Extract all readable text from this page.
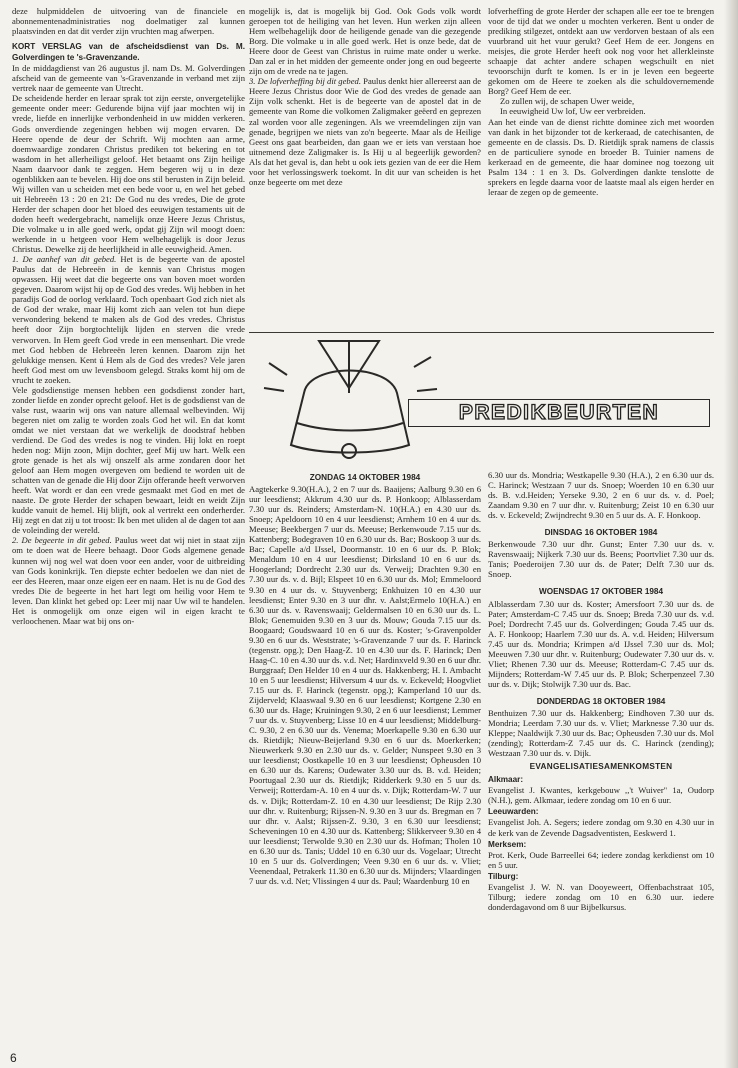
deze hulpmiddelen de uitvoering van de financiele en abonnementenadministraties nog doelmatiger zal kunnen plaatsvinden en dat dit verder zijn vruchten mag afwerpen.

KORT VERSLAG van de afscheidsdienst van Ds. M. Golverdingen te 's-Gravenzande.

In de middagdienst van 26 augustus jl. nam Ds. M. Golverdingen afscheid van de gemeente van 's-Gravenzande in verband met zijn vertrek naar de gemeente van Utrecht.

De scheidende herder en leraar sprak tot zijn eerste, onvergetelijke gemeente onder meer: Gedurende bijna vijf jaar mochten wij in vrede, liefde en innerlijke verbondenheid in uw midden verkeren. Gods onverdiende zegeningen hebben wij mogen ervaren. De Heere opende de deur der Schrift. Wij mochten aan arme, doemwaardige zondaren Christus prediken tot bekering en tot wasdom in het allerheiligst geloof. Het betaamt ons Zijn heilige Naam daarvoor dank te zeggen. Hem begeren wij u in deze ogenblikken aan te bevelen. Hij doe ons stil berusten in Zijn beleid. Wij willen van u scheiden met een bede voor u, en wel het gebed uit Hebreeën 13 : 20 en 21: De God nu des vredes, Die de grote Herder der schapen door het bloed des eeuwigen testaments uit de doden heeft wedergebracht, namelijk onze Heere Jezus Christus, Die volmake u in alle goed werk, opdat gij Zijn wil moogt doen: werkende in u hetgeen voor Hem welbehagelijk is door Jezus Christus. Dewelke zij de heerlijkheid in alle eeuwigheid. Amen.

1. De aanhef van dit gebed. Het is de begeerte van de apostel Paulus dat de Hebreeën in de kennis van Christus mogen opwassen. Hij weet dat die begeerte ons van boven moet worden gegeven. Daarom wijst hij op de God des vredes. Wij hebben in het paradijs God de oorlog verklaard. Toch openbaart God zich niet als de God der wrake, maar Hij komt zich aan velen tot hun diepe verwondering bekend te maken als de God des vredes. Christus heeft door Zijn borgtochtelijk lijden en sterven die vrede verworven. In Hem geeft God vrede in een mensenhart. Die vrede met God hebben de Hebreeën leren kennen. Daarom zijn het gelukkige mensen. Kent ú Hem als de God des vredes? Vele jaren heeft God mest om uw levensboom gelegd. Straks komt hij om de vrucht te zoeken.

Vele godsdienstige mensen hebben een godsdienst zonder hart, zonder liefde en zonder oprecht geloof. Het is de godsdienst van de valse rust, waarin wij ons van nature allemaal welbevinden. Wij begeren niet om zalig te worden zoals God het wil. En dat komt omdat we niet verstaan dat we werkelijk de doodstraf hebben verdiend. De God des vredes is nog te vinden. Hij lokt en roept heden nog: Mijn zoon, Mijn dochter, geef Mij uw hart. Welk een grote genade is het als wij onszelf als arme zondaren door het geloof aan Hem mogen overgeven om bediend te worden uit de schatten van de genade die Hij door Zijn offerande heeft verworven heeft. Wat wordt er dan een vrede gesmaakt met God en met de naaste. De grote Herder der schapen bewaart, leidt en weidt Zijn kudde vanuit de hemel. Hij blijft, ook al vertrekt een onderherder. Hij zegt en dat zij u tot troost: Ik ben met uliden al de dagen tot aan de voleinding der wereld.

2. De begeerte in dit gebed. Paulus weet dat wij niet in staat zijn om te doen wat de Heere behaagt. Door Gods algemene genade kunnen wij nog wel wat doen voor een ander, voor de uitbreiding van Gods koninkrijk. Ten diepste echter bedoelen we dan niet de eer des Heeren, maar onze eigen eer en naam. Het is nu de God des vredes Die de begeerte in het hart legt om heilig voor Hem te leven. Dan klinkt het gebed op: Leer mij naar Uw wil te handelen. Het is onmogelijk om onze eigen wil in eigen kracht te verloochenen. Maar wat bij ons on-

mogelijk is, dat is mogelijk bij God. Ook Gods volk wordt geroepen tot de heiliging van het leven. Hun werken zijn alleen Hem welbehagelijk door de heiligende genade van die gezegende Borg. Die volmake u in alle goed werk. Het is onze bede, dat de Heere door de Geest van Christus in ruime mate onder u werke. Dan zal er in het midden der gemeente onder jong en oud begeerte zijn om de vrede na te jagen.

3. De lofverheffing bij dit gebed. Paulus denkt hier allereerst aan de Heere Jezus Christus door Wie de God des vredes de genade aan Zijn volk schenkt. Het is de begeerte van de apostel dat in de gemeente van Rome die volkomen Zaligmaker geëerd en geprezen zal worden voor alle zegeningen. Als we vreemdelingen zijn van genade, begrijpen we niets van zo'n begeerte. Maar als de Heilige Geest ons gaat bearbeiden, dan gaan we er iets van verstaan hoe uitnemend deze Zaligmaker is. Is Hij u al begeerlijk geworden? Als dat het geval is, dan hebt u ook iets gezien van de eer die Hem voor het verlossingswerk toekomt. In dit uur van scheiden is het onze begeerte om met deze

lofverheffing de grote Herder der schapen alle eer toe te brengen voor de tijd dat we onder u mochten verkeren. Bent u onder de prediking stilgezet, ontdekt aan uw verdorven bestaan of als een vuurbrand uit het vuur gerukt? Geef Hem de eer. Jongens en meisjes, die grote Herder heeft ook nog voor het allerkleinste schaapje dat achter andere schapen wegschuilt en niet tevoorschijn durft te komen. Is er in je leven een begeerte gekomen om de Heere te zoeken als die schuldovernemende Borg? Geef Hem de eer.

Zo zullen wij, de schapen Uwer weide,

In eeuwigheid Uw lof, Uw eer verbreiden.

Aan het einde van de dienst richtte dominee zich met woorden van dank in het bijzonder tot de kerkeraad, de catechisanten, de gemeente en de classis. Ds. D. Rietdijk sprak namens de classis en de particuliere synode en broeder B. Tuinier namens de kerkeraad en de gemeente, die haar dominee nog toezong uit Psalm 134 : 1 en 3. Ds. Golverdingen dankte tenslotte de sprekers en legde daarna voor de laatste maal als eigen herder en leraar de zegen op de gemeente.

PREDIKBEURTEN
ZONDAG 14 OKTOBER 1984

Aagtekerke 9.30(H.A.), 2 en 7 uur ds. Baaijens; Aalburg 9.30 en 6 uur leesdienst; Akkrum 4.30 uur ds. P. Honkoop; Alblasserdam 7.30 uur ds. Reinders; Amsterdam-N. 10(H.A.) en 4.30 uur ds. Snoep; Apeldoorn 10 en 4 uur leesdienst; Arnhem 10 en 4 uur ds. Meeuse; Beekbergen 7 uur ds. Meeuse; Berkenwoude 7.15 uur ds. Kattenberg; Bodegraven 10 en 6.30 uur ds. Bac; Boskoop 3 uur ds. Bac; Capelle a/d IJssel, Doormanstr. 10 en 6 uur ds. P. Blok; Menaldum 10 en 4 uur leesdienst; Dirksland 10 en 6 uur ds. Hoogerland; Dordrecht 2.30 uur ds. Verweij; Drachten 9.30 en 7.30 uur ds. v. d. Bijl; Elspeet 10 en 6.30 uur ds. Mol; Emmeloord 9.30 en 4 uur ds. v. Stuyvenberg; Enkhuizen 10 en 4.30 uur leesdienst; Enter 9.30 en 3 uur dhr. v. Aalst;Ermelo 10(H.A.) en 6.30 uur ds. v. Ravenswaaij; Geldermalsen 10 en 6.30 uur ds. L. Blok; Genemuiden 9.30 en 3 uur ds. Mouw; Gouda 7.15 uur ds. Boogaard; Goudswaard 10 en 6 uur ds. Koster; 's-Gravenpolder 9.30 en 6 uur ds. Weststrate; 's-Gravenzande 7 uur ds. F. Harinck (tegenstr. opg.); Den Haag-Z. 10 en 4.30 uur ds. F. Harinck; Den Haag-C. 10 en 4.30 uur ds. v.d. Net; Hardinxveld 9.30 en 6 uur dhr. Burggraaf; Den Helder 10 en 4 uur ds. Hakkenberg; H. I. Ambacht 10 en 5 uur leesdienst; Hilversum 4 uur ds. v. Eckeveld; Hoogvliet 7.15 uur ds. F. Harinck (tegenstr. opg.); Kamperland 10 uur ds. Zijderveld; Klaaswaal 9.30 en 6 uur leesdienst; Kortgene 2.30 en 6.30 uur ds. Hage; Kruiningen 9.30, 2 en 6 uur leesdienst; Lemmer 7 uur ds. v. Stuyvenberg; Lisse 10 en 4 uur leesdienst; Middelburg-C. 9.30, 2 en 6.30 uur ds. Venema; Moerkapelle 9.30 en 6.30 uur ds. Rietdijk; Nieuw-Beijerland 9.30 en 6 uur ds. Moerkerken; Nieuwerkerk 9.30 en 2.30 uur ds. v. Gelder; Nunspeet 9.30 en 3 uur leesdienst; Oostkapelle 10 en 3 uur leesdienst; Opheusden 10 en 6.30 uur ds. Karens; Oudewater 3.30 uur ds. B. v.d. Heiden; Poortugaal 2.30 uur ds. Rietdijk; Ridderkerk 9.30 en 5 uur ds. Verweij; Rotterdam-A. 10 en 4 uur ds. v. Dijk; Rotterdam-W. 7 uur ds. v. Dijk; Rotterdam-Z. 10 en 4.30 uur leesdienst; De Rijp 2.30 uur dhr. v. Ruitenburg; Rijssen-N. 9.30 en 3 uur ds. Bregman en 7 uur dhr. v. Aalst; Rijssen-Z. 9.30, 3 en 6.30 uur leesdienst; Scheveningen 10 en 4.30 uur ds. Kattenberg; Slikkerveer 9.30 en 4 uur leesdienst; Terwolde 9.30 en 2.30 uur ds. Hofman; Tholen 10 en 6.30 uur ds. Tanis; Uddel 10 en 6.30 uur ds. Vogelaar; Utrecht 10 en 5 uur ds. Golverdingen; Veen 9.30 en 6 uur ds. v. Vliet; Veenendaal, Petrakerk 11.30 en 6.30 uur ds. Mijnders; Vlaardingen 7 uur ds. v.d. Net; Vlissingen 4 uur ds. Paul; Waardenburg 10 en

6.30 uur ds. Mondria; Westkapelle 9.30 (H.A.), 2 en 6.30 uur ds. C. Harinck; Westzaan 7 uur ds. Snoep; Woerden 10 en 6.30 uur ds. B. v.d.Heiden; Yerseke 9.30, 2 en 6 uur ds. v. d. Poel; Zaandam 9.30 en 7 uur dhr. v. Ruitenburg; Zeist 10 en 6.30 uur ds. v. Eckeveld; Zwijndrecht 9.30 en 5 uur ds. A. F. Honkoop.

DINSDAG 16 OKTOBER 1984

Berkenwoude 7.30 uur dhr. Gunst; Enter 7.30 uur ds. v. Ravenswaaij; Nijkerk 7.30 uur ds. Beens; Poortvliet 7.30 uur ds. Tanis; Poederoijen 7.30 uur ds. de Pater; Delft 7.30 uur ds. Snoep.

WOENSDAG 17 OKTOBER 1984

Alblasserdam 7.30 uur ds. Koster; Amersfoort 7.30 uur ds. de Pater; Amsterdam-C 7.45 uur ds. Snoep; Breda 7.30 uur ds. v.d. Poel; Dordrecht 7.45 uur ds. Golverdingen; Gouda 7.45 uur ds. A. F. Honkoop; Haarlem 7.30 uur ds. A. v.d. Heiden; Hilversum 7.45 uur ds. Mondria; Krimpen a/d IJssel 7.30 uur ds. Mol; Meeuwen 7.30 uur dhr. v. Ruitenburg; Oudewater 7.30 uur ds. v. Vliet; Rhenen 7.30 uur ds. Meeuse; Rotterdam-C 7.45 uur ds. Mijnders; Rotterdam-W 7.45 uur ds. P. Blok; Scherpenzeel 7.30 uur ds. v. Dijk; Stolwijk 7.30 uur ds. Bac.

DONDERDAG 18 OKTOBER 1984

Benthuizen 7.30 uur ds. Hakkenberg; Eindhoven 7.30 uur ds. Mondria; Leerdam 7.30 uur ds. v. Vliet; Marknesse 7.30 uur ds. Kleppe; Naaldwijk 7.30 uur ds. Bac; Opheusden 7.30 uur ds. Mol (zending); Rotterdam-Z 7.45 uur ds. C. Harinck (zending); Westzaan 7.30 uur ds. v. Dijk.

EVANGELISATIESAMENKOMSTEN
Alkmaar:

Evangelist J. Kwantes, kerkgebouw ,,'t Wuiver" 1a, Oudorp (N.H.), gem. Alkmaar, iedere zondag om 10 en 6 uur.

Leeuwarden:

Evangelist Joh. A. Segers; iedere zondag om 9.30 en 4.30 uur in de kerk van de Zevende Dagsadventisten, Eeskwerd 1.

Merksem:

Prot. Kerk, Oude Barreellei 64; iedere zondag kerkdienst om 10 en 5 uur.

Tilburg:

Evangelist J. W. N. van Dooyeweert, Offenbachstraat 105, Tilburg; iedere zondag om 10 en 6.30 uur. iedere donderdagavond om 8 uur Bijbelkursus.

6
